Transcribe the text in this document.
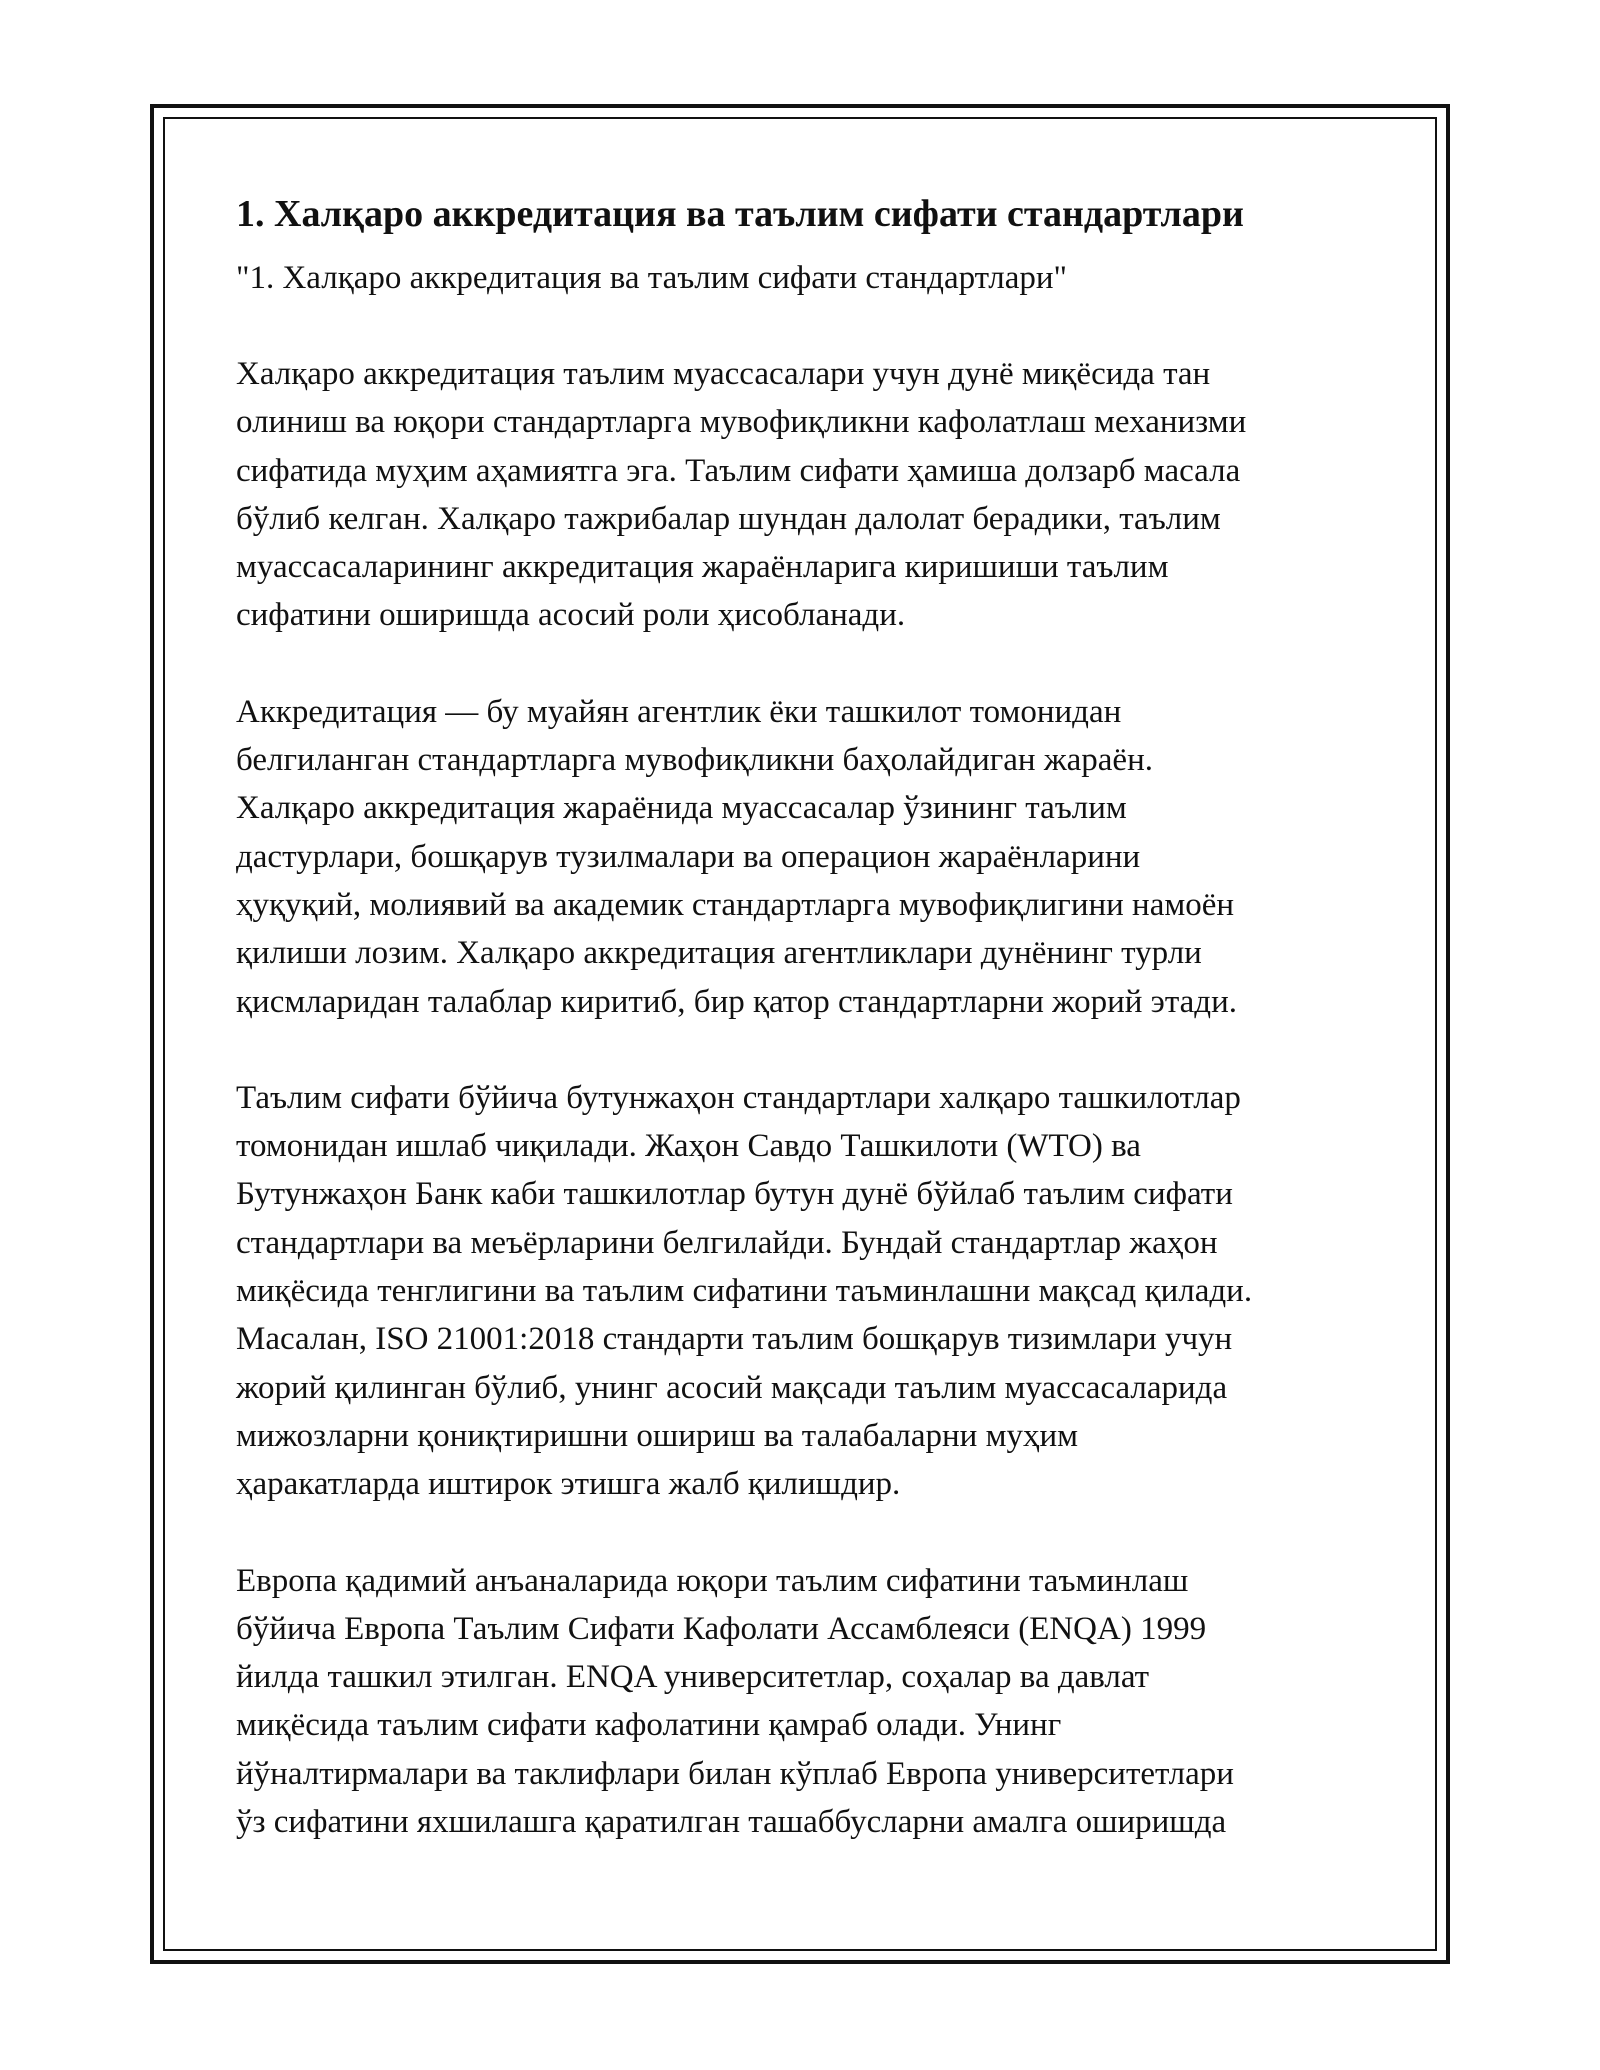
1. Халқаро аккредитация ва таълим сифати стандартлари

"1. Халқаро аккредитация ва таълим сифати стандартлари"

Халқаро аккредитация таълим муассасалари учун дунё миқёсида тан
олиниш ва юқори стандартларга мувофиқликни кафолатлаш механизми
сифатида муҳим аҳамиятга эга. Таълим сифати ҳамиша долзарб масала
бўлиб келган. Халқаро тажрибалар шундан далолат берадики, таълим
муассасаларининг аккредитация жараёнларига киришиши таълим
сифатини оширишда асосий роли ҳисобланади.

Аккредитация — бу муайян агентлик ёки ташкилот томонидан
белгиланган стандартларга мувофиқликни баҳолайдиган жараён.
Халқаро аккредитация жараёнида муассасалар ўзининг таълим
дастурлари, бошқарув тузилмалари ва операцион жараёнларини
ҳуқуқий, молиявий ва академик стандартларга мувофиқлигини намоён
қилиши лозим. Халқаро аккредитация агентликлари дунёнинг турли
қисмларидан талаблар киритиб, бир қатор стандартларни жорий этади.

Таълим сифати бўйича бутунжаҳон стандартлари халқаро ташкилотлар
томонидан ишлаб чиқилади. Жаҳон Савдо Ташкилоти (WTO) ва
Бутунжаҳон Банк каби ташкилотлар бутун дунё бўйлаб таълим сифати
стандартлари ва меъёрларини белгилайди. Бундай стандартлар жаҳон
миқёсида тенглигини ва таълим сифатини таъминлашни мақсад қилади.
Масалан, ISO 21001:2018 стандарти таълим бошқарув тизимлари учун
жорий қилинган бўлиб, унинг асосий мақсади таълим муассасаларида
мижозларни қониқтиришни ошириш ва талабаларни муҳим
ҳаракатларда иштирок этишга жалб қилишдир.

Европа қадимий анъаналарида юқори таълим сифатини таъминлаш
бўйича Европа Таълим Сифати Кафолати Ассамблеяси (ENQA) 1999
йилда ташкил этилган. ENQA университетлар, соҳалар ва давлат
миқёсида таълим сифати кафолатини қамраб олади. Унинг
йўналтирмалари ва таклифлари билан кўплаб Европа университетлари
ўз сифатини яхшилашга қаратилган ташаббусларни амалга оширишда
